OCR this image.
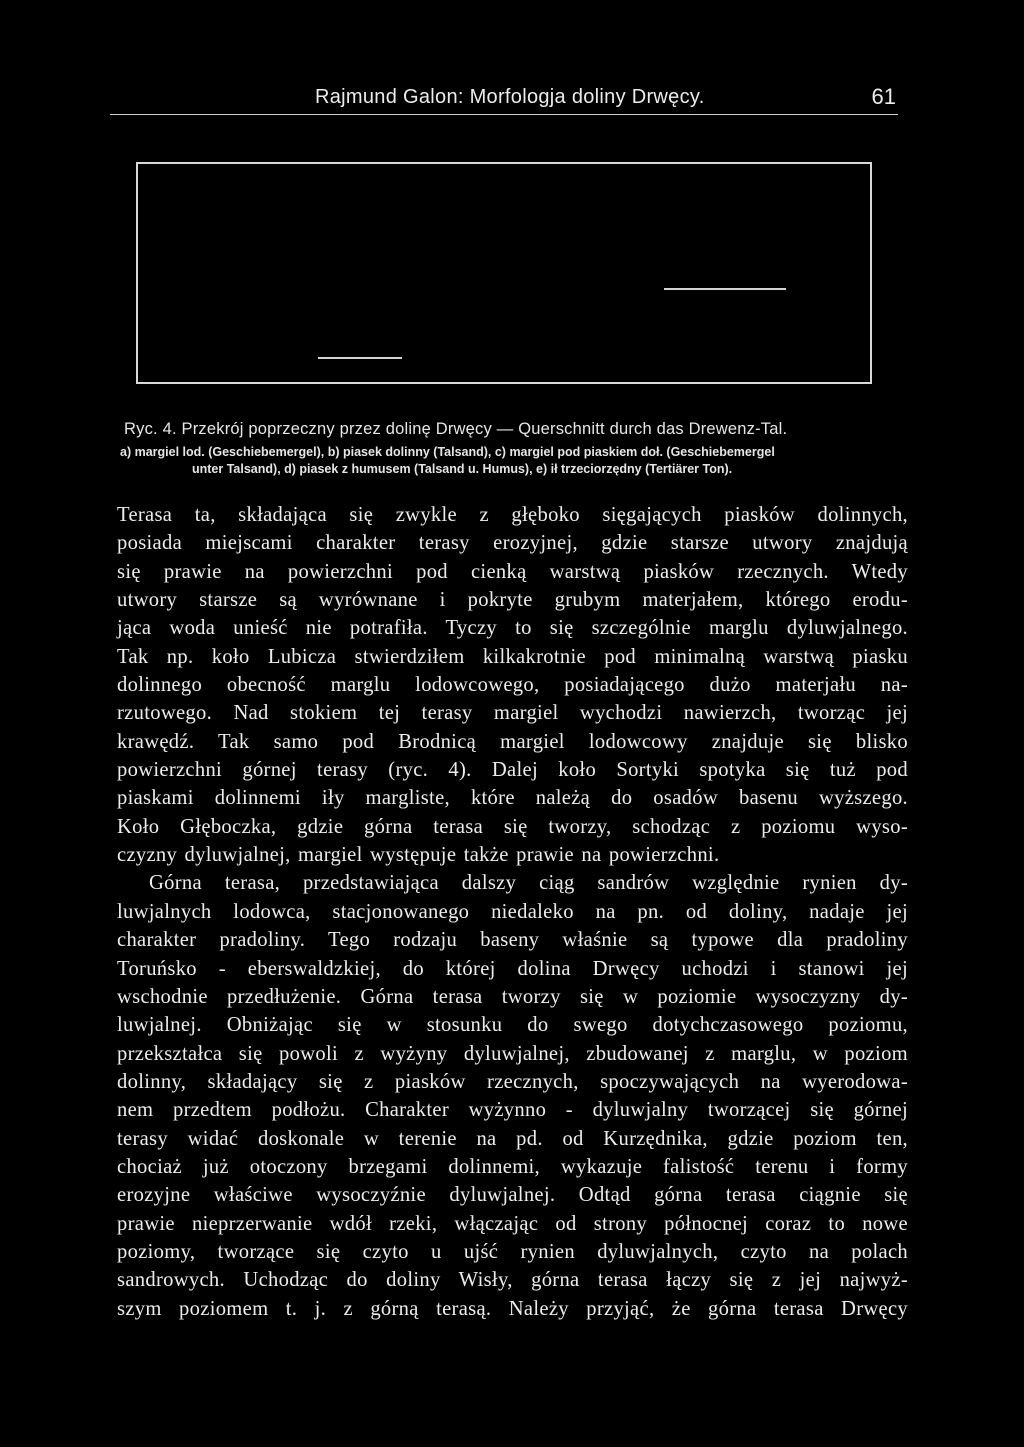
Rajmund Galon: Morfologja doliny Drwęcy.	61
Ryc. 4. Przekrój poprzeczny przez dolinę Drwęcy — Querschnitt durch das Drewenz-Tal.
a) margiel lod. (Geschiebemergel), b) piasek dolinny (Talsand), c) margiel pod piaskiem doł. (Geschiebemergel
unter Talsand), d) piasek z humusem (Talsand u. Humus), e) ił trzeciorzędny (Tertiärer Ton).
Terasa ta, składająca się zwykle z głęboko sięgających piasków dolinnych,
posiada miejscami charakter terasy erozyjnej, gdzie starsze utwory znajdują
się prawie na powierzchni pod cienką warstwą piasków rzecznych. Wtedy
utwory starsze są wyrównane i pokryte grubym materjałem, którego erodu-
jąca woda unieść nie potrafiła. Tyczy to się szczególnie marglu dyluwjalnego.
Tak np. koło Lubicza stwierdziłem kilkakrotnie pod minimalną warstwą piasku
dolinnego obecność marglu lodowcowego, posiadającego dużo materjału na-
rzutowego. Nad stokiem tej terasy margiel wychodzi nawierzch, tworząc jej
krawędź. Tak samo pod Brodnicą margiel lodowcowy znajduje się blisko
powierzchni górnej terasy (ryc. 4). Dalej koło Sortyki spotyka się tuż pod
piaskami dolinnemi iły margliste, które należą do osadów basenu wyższego.
Koło Głęboczka, gdzie górna terasa się tworzy, schodząc z poziomu wyso-
czyzny dyluwjalnej, margiel występuje także prawie na powierzchni.
Górna terasa, przedstawiająca dalszy ciąg sandrów względnie rynien dy-
luwjalnych lodowca, stacjonowanego niedaleko na pn. od doliny, nadaje jej
charakter pradoliny. Tego rodzaju baseny właśnie są typowe dla pradoliny
Toruńsko - eberswaldzkiej, do której dolina Drwęcy uchodzi i stanowi jej
wschodnie przedłużenie. Górna terasa tworzy się w poziomie wysoczyzny dy-
luwjalnej. Obniżając się w stosunku do swego dotychczasowego poziomu,
przekształca się powoli z wyżyny dyluwjalnej, zbudowanej z marglu, w poziom
dolinny, składający się z piasków rzecznych, spoczywających na wyerodowa-
nem przedtem podłożu. Charakter wyżynno - dyluwjalny tworzącej się górnej
terasy widać doskonale w terenie na pd. od Kurzędnika, gdzie poziom ten,
chociaż już otoczony brzegami dolinnemi, wykazuje falistość terenu i formy
erozyjne właściwe wysoczyźnie dyluwjalnej. Odtąd górna terasa ciągnie się
prawie nieprzerwanie wdół rzeki, włączając od strony północnej coraz to nowe
poziomy, tworzące się czyto u ujść rynien dyluwjalnych, czyto na polach
sandrowych. Uchodząc do doliny Wisły, górna terasa łączy się z jej najwyż-
szym poziomem t. j. z górną terasą. Należy przyjąć, że górna terasa Drwęcy
